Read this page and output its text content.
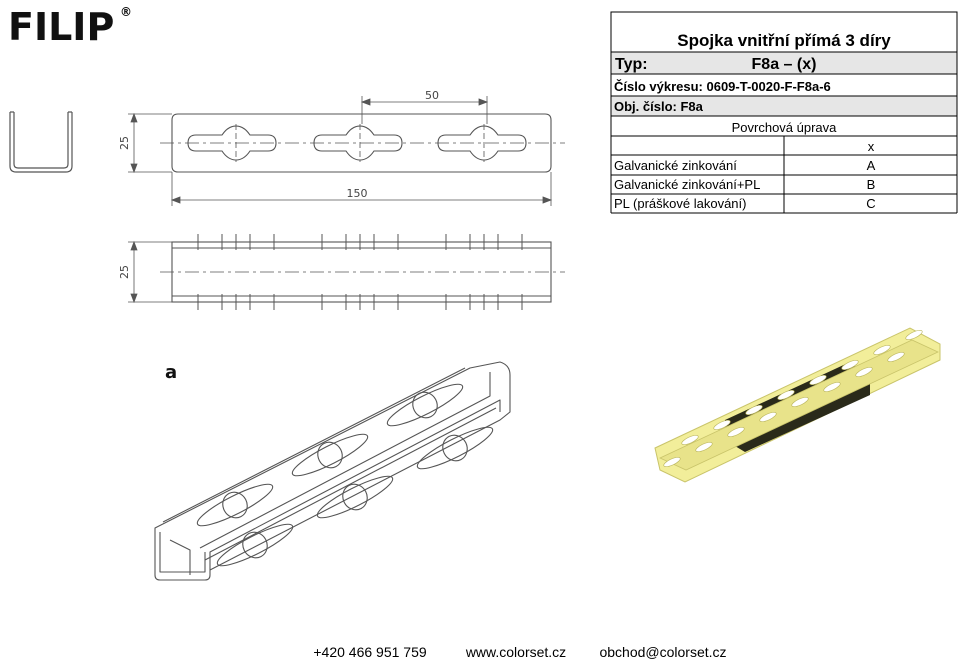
FILIP ®
Spojka vnitřní přímá 3 díry
Typ:	F8a – (x)
Číslo výkresu: 0609-T-0020-F-F8a-6
Obj. číslo: F8a
Povrchová úprava
x
Galvanické zinkování	A
Galvanické zinkování+PL	B
PL (práškové lakování)	C
50
25
150
25
a
+420 466 951 759	www.colorset.cz obchod@colorset.cz
